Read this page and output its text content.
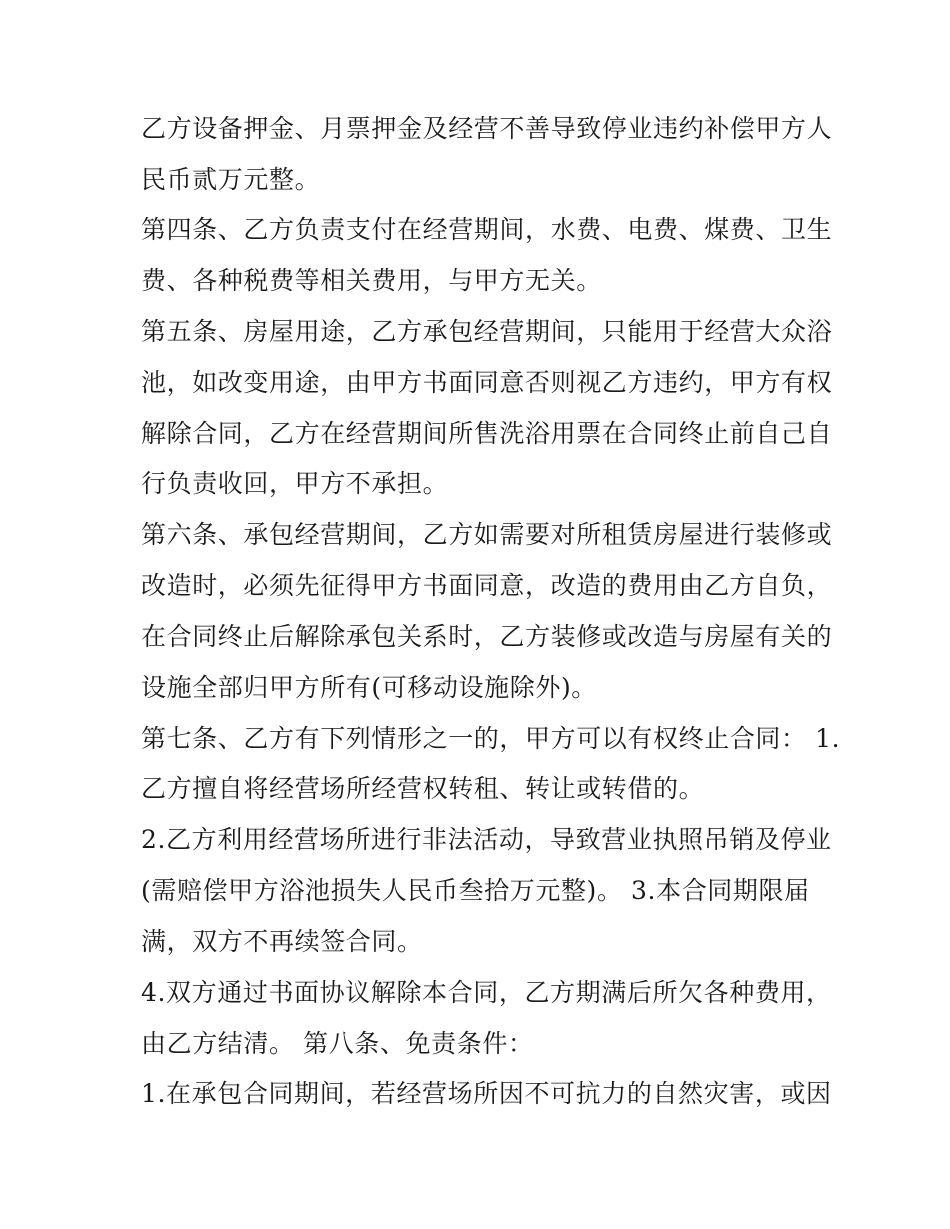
乙方设备押金、月票押金及经营不善导致停业违约补偿甲方人
民币贰万元整。
第四条、乙方负责支付在经营期间，水费、电费、煤费、卫生
费、各种税费等相关费用，与甲方无关。
第五条、房屋用途，乙方承包经营期间，只能用于经营大众浴
池，如改变用途，由甲方书面同意否则视乙方违约，甲方有权
解除合同，乙方在经营期间所售洗浴用票在合同终止前自己自
行负责收回，甲方不承担。
第六条、承包经营期间，乙方如需要对所租赁房屋进行装修或
改造时，必须先征得甲方书面同意，改造的费用由乙方自负，
在合同终止后解除承包关系时，乙方装修或改造与房屋有关的
设施全部归甲方所有(可移动设施除外)。
第七条、乙方有下列情形之一的，甲方可以有权终止合同： 1.
乙方擅自将经营场所经营权转租、转让或转借的。
2.乙方利用经营场所进行非法活动，导致营业执照吊销及停业
(需赔偿甲方浴池损失人民币叁拾万元整)。 3.本合同期限届
满，双方不再续签合同。
4.双方通过书面协议解除本合同，乙方期满后所欠各种费用，
由乙方结清。 第八条、免责条件：
1.在承包合同期间，若经营场所因不可抗力的自然灾害，或因
